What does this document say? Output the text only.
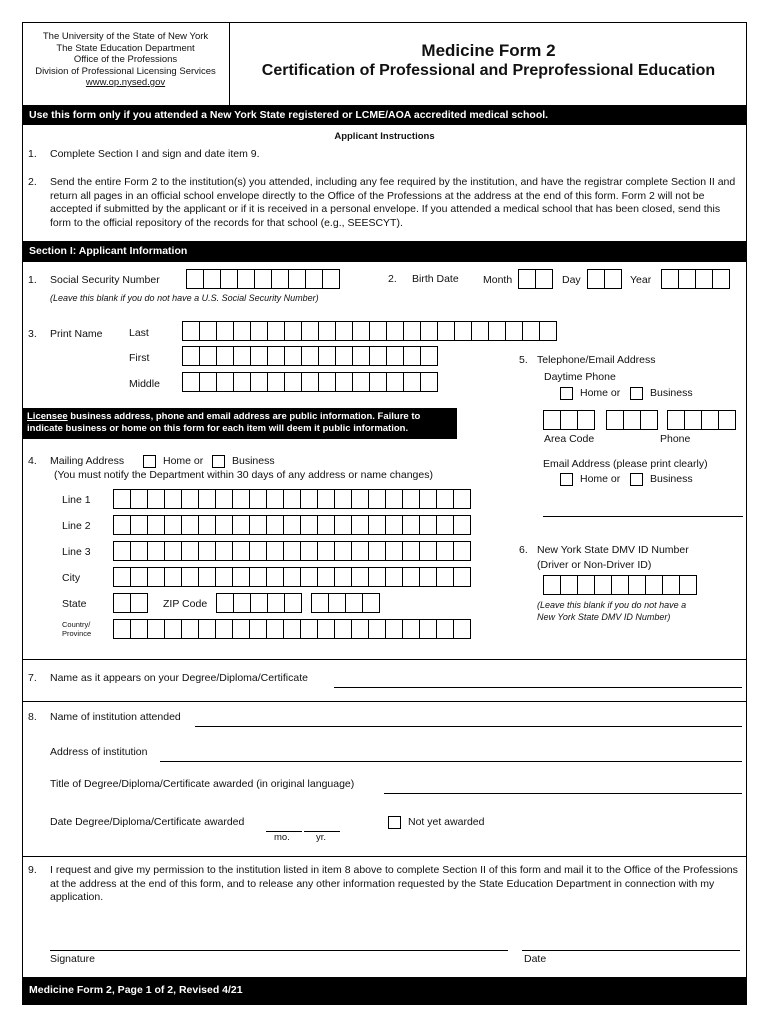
The University of the State of New York
The State Education Department
Office of the Professions
Division of Professional Licensing Services
www.op.nysed.gov
Medicine Form 2
Certification of Professional and Preprofessional Education
Use this form only if you attended a New York State registered or LCME/AOA accredited medical school.
Applicant Instructions
1. Complete Section I and sign and date item 9.
2. Send the entire Form 2 to the institution(s) you attended, including any fee required by the institution, and have the registrar complete Section II and return all pages in an official school envelope directly to the Office of the Professions at the address at the end of this form. Form 2 will not be accepted if submitted by the applicant or if it is received in a personal envelope. If you attended a medical school that has been closed, send this form to the official repository of the records for that school (e.g., SEESCYT).
Section I: Applicant Information
1. Social Security Number
(Leave this blank if you do not have a U.S. Social Security Number)
2. Birth Date Month	Day	Year
3. Print Name	Last
First
Middle
5. Telephone/Email Address
Daytime Phone
Home or	Business
Area Code	Phone
Email Address (please print clearly)
Home or	Business
Licensee business address, phone and email address are public information. Failure to
indicate business or home on this form for each item will deem it public information.
4. Mailing Address	Home or	Business
(You must notify the Department within 30 days of any address or name changes)
Line 1
Line 2
Line 3
City
State	ZIP Code
Country/
Province
6. New York State DMV ID Number
(Driver or Non-Driver ID)
(Leave this blank if you do not have a
New York State DMV ID Number)
7. Name as it appears on your Degree/Diploma/Certificate
8. Name of institution attended
Address of institution
Title of Degree/Diploma/Certificate awarded (in original language)
Date Degree/Diploma/Certificate awarded
mo.	yr.
Not yet awarded
9. I request and give my permission to the institution listed in item 8 above to complete Section II of this form and mail it to the Office of the Professions at the address at the end of this form, and to release any other information requested by the State Education Department in connection with my application.
Signature	Date
Medicine Form 2, Page 1 of 2, Revised 4/21
